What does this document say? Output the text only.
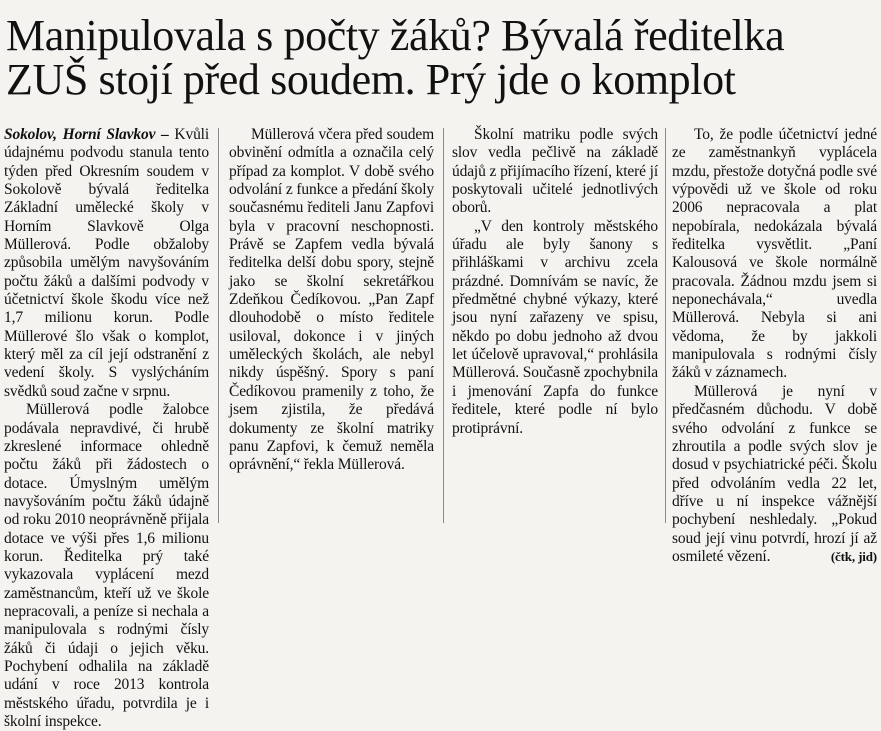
Manipulovala s počty žáků? Bývalá ředitelka
ZUŠ stojí před soudem. Prý jde o komplot

Sokolov, Horní Slavkov – Kvůli údajnému podvodu stanula tento týden před Okresním soudem v Sokolově bývalá ředitelka Základní umělecké školy v Horním Slavkově Olga Müllerová. Podle obžaloby způsobila umělým navyšováním počtu žáků a dalšími podvody v účetnictví škole škodu více než 1,7 milionu korun. Podle Müllerové šlo však o komplot, který měl za cíl její odstranění z vedení školy. S vyslýcháním svědků soud začne v srpnu.

Müllerová podle žalobce podávala nepravdivé, či hrubě zkreslené informace ohledně počtu žáků při žádostech o dotace. Úmyslným umělým navyšováním počtu žáků údajně od roku 2010 neoprávněně přijala dotace ve výši přes 1,6 milionu korun. Ředitelka prý také vykazovala vyplácení mezd zaměstnancům, kteří už ve škole nepracovali, a peníze si nechala a manipulovala s rodnými čísly žáků či údaji o jejich věku. Pochybení odhalila na základě udání v roce 2013 kontrola městského úřadu, potvrdila je i školní inspekce.

Müllerová včera před soudem obvinění odmítla a označila celý případ za komplot. V době svého odvolání z funkce a předání školy současnému řediteli Janu Zapfovi byla v pracovní neschopnosti. Právě se Zapfem vedla bývalá ředitelka delší dobu spory, stejně jako se školní sekretářkou Zdeňkou Čedíkovou. „Pan Zapf dlouhodobě o místo ředitele usiloval, dokonce i v jiných uměleckých školách, ale nebyl nikdy úspěšný. Spory s paní Čedíkovou pramenily z toho, že jsem zjistila, že předává dokumenty ze školní matriky panu Zapfovi, k čemuž neměla oprávnění,“ řekla Müllerová.

Školní matriku podle svých slov vedla pečlivě na základě údajů z přijímacího řízení, které jí poskytovali učitelé jednotlivých oborů.

„V den kontroly městského úřadu ale byly šanony s přihláškami v archivu zcela prázdné. Domnívám se navíc, že předmětné chybné výkazy, které jsou nyní zařazeny ve spisu, někdo po dobu jednoho až dvou let účelově upravoval,“ prohlásila Müllerová. Současně zpochybnila i jmenování Zapfa do funkce ředitele, které podle ní bylo protiprávní.

To, že podle účetnictví jedné ze zaměstnankyň vyplácela mzdu, přestože dotyčná podle své výpovědi už ve škole od roku 2006 nepracovala a plat nepobírala, nedokázala bývalá ředitelka vysvětlit. „Paní Kalousová ve škole normálně pracovala. Žádnou mzdu jsem si neponechávala,“ uvedla Müllerová. Nebyla si ani vědoma, že by jakkoli manipulovala s rodnými čísly žáků v záznamech.

Müllerová je nyní v předčasném důchodu. V době svého odvolání z funkce se zhroutila a podle svých slov je dosud v psychiatrické péči. Školu před odvoláním vedla 22 let, dříve u ní inspekce vážnější pochybení neshledaly. „Pokud soud její vinu potvrdí, hrozí jí až osmileté vězení.	(čtk, jid)
